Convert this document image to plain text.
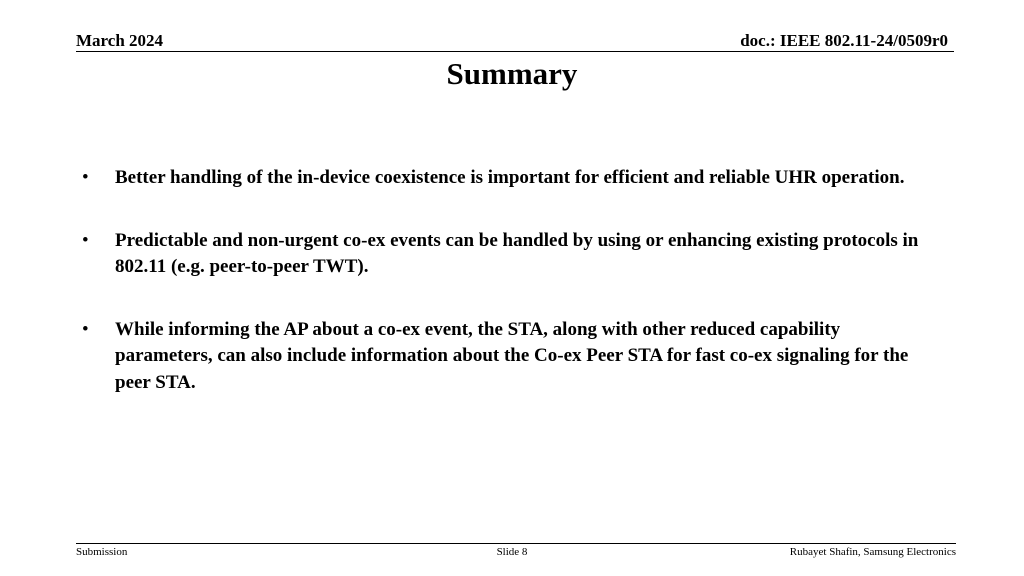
March 2024	doc.: IEEE 802.11-24/0509r0
Summary
• Better handling of the in-device coexistence is important for efficient and reliable UHR operation.
• Predictable and non-urgent co-ex events can be handled by using or enhancing existing protocols in 802.11 (e.g. peer-to-peer TWT).
• While informing the AP about a co-ex event, the STA, along with other reduced capability parameters, can also include information about the Co-ex Peer STA for fast co-ex signaling for the peer STA.
Submission	Slide 8	Rubayet Shafin, Samsung Electronics
